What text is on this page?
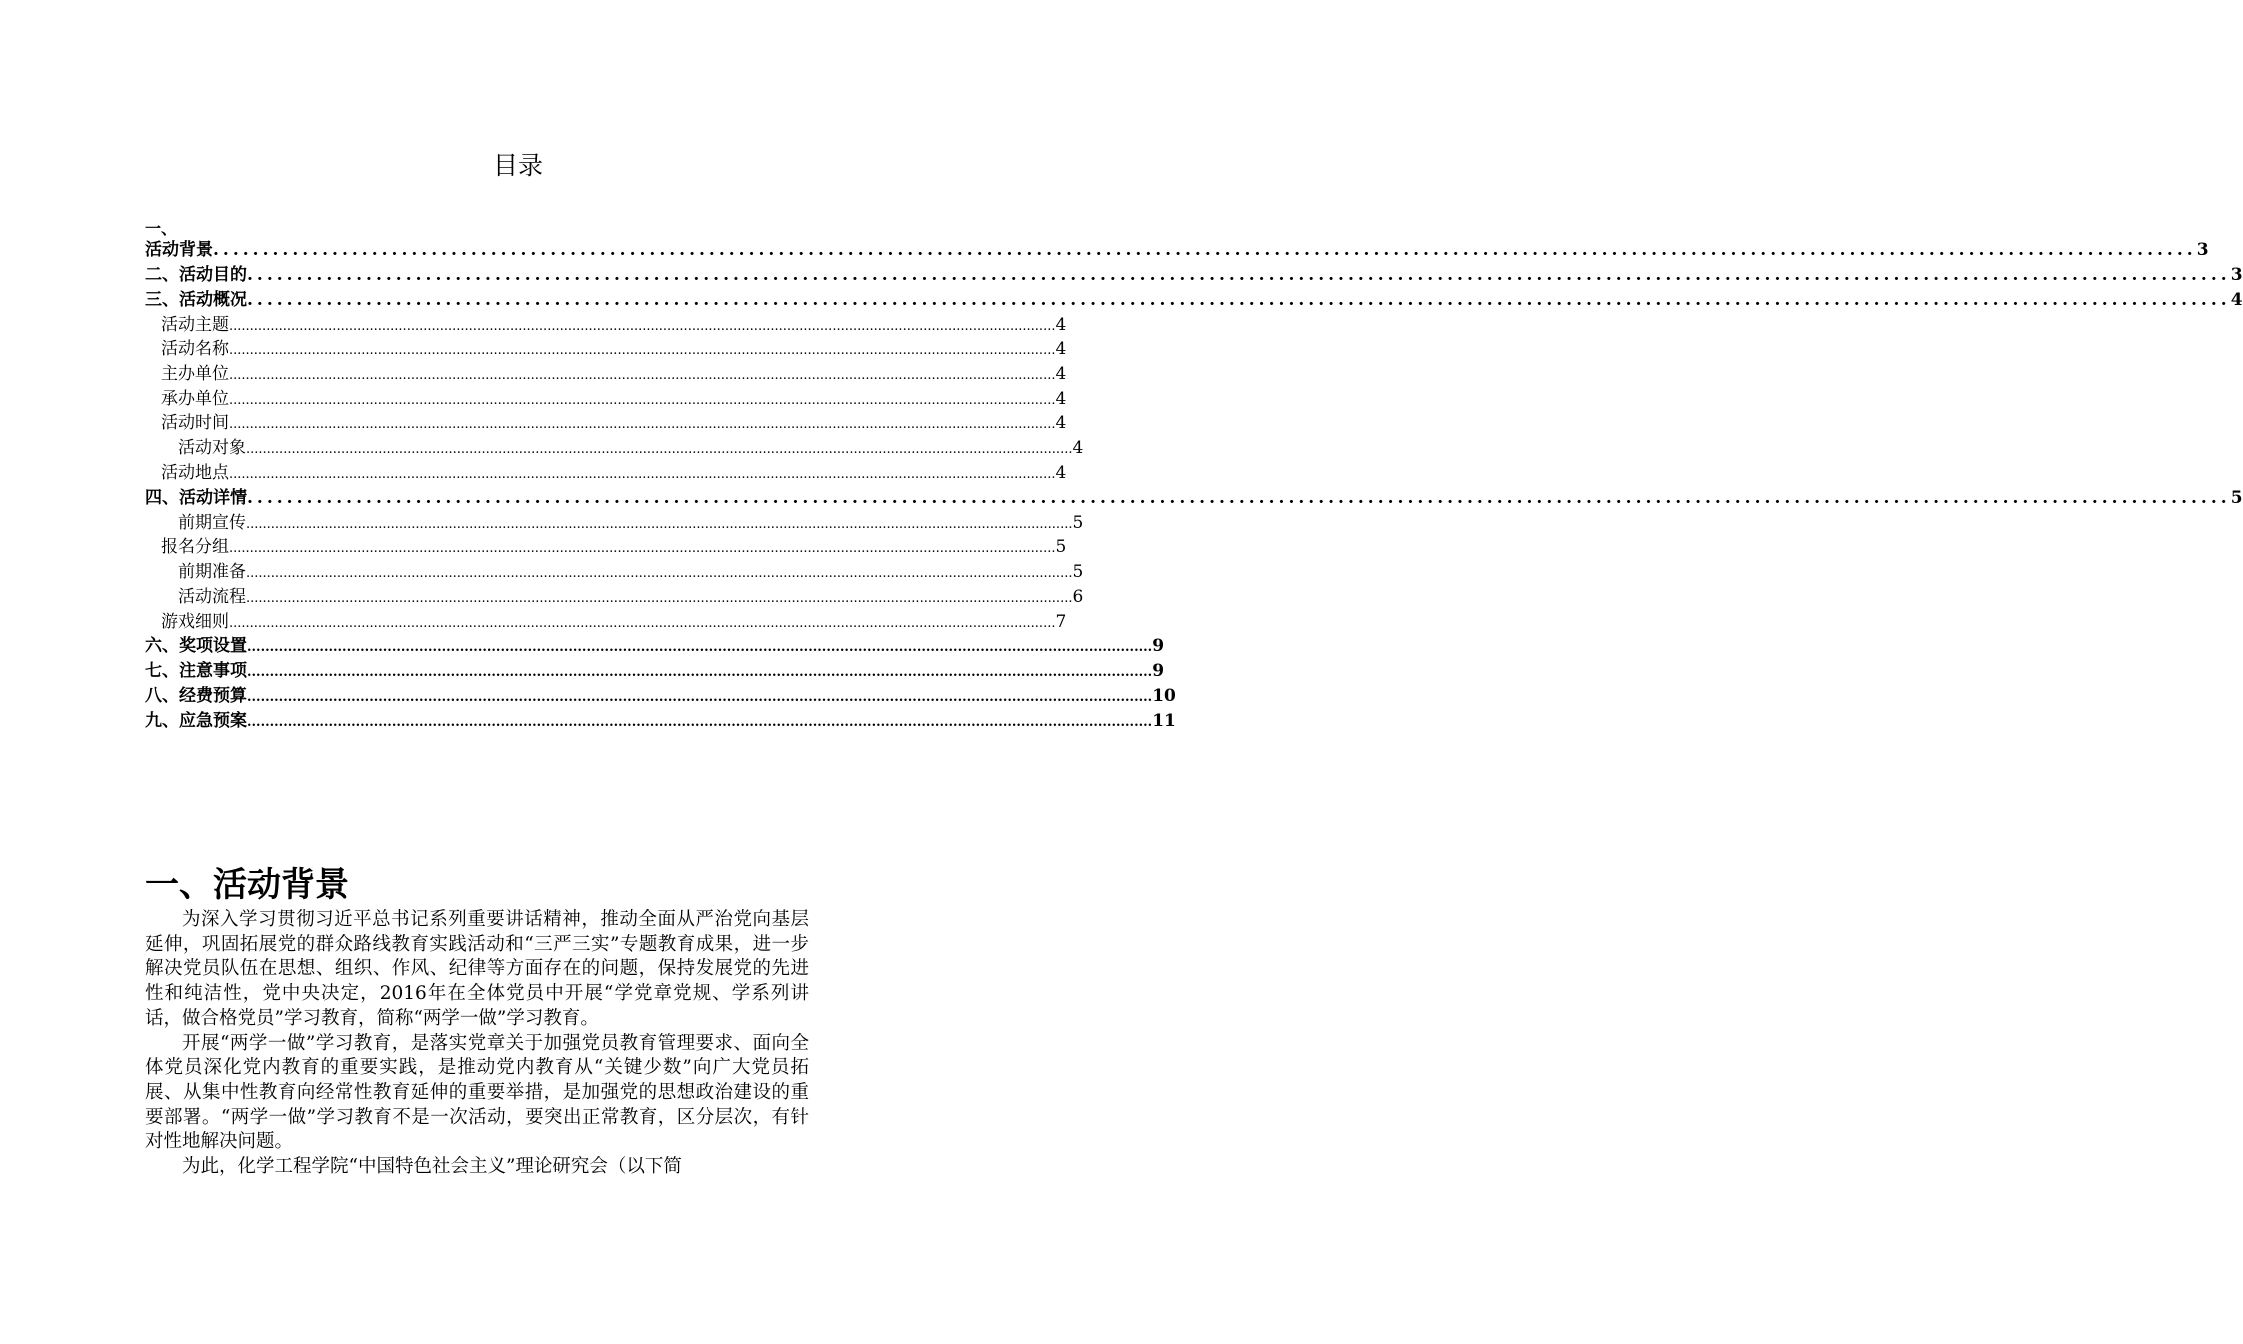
目录
一、
活动背景 ........................................................................................................................................................................................................ 3
二、活动目的 ........................................................................................................................................................................................................ 3
三、活动概况 ........................................................................................................................................................................................................ 4
活动主题 ........................................................................................................................................................................................................ 4
活动名称 ........................................................................................................................................................................................................ 4
主办单位 ........................................................................................................................................................................................................ 4
承办单位 ........................................................................................................................................................................................................ 4
活动时间 ........................................................................................................................................................................................................ 4
活动对象 ........................................................................................................................................................................................................ 4
活动地点 ........................................................................................................................................................................................................ 4
四、活动详情 ........................................................................................................................................................................................................ 5
前期宣传 ........................................................................................................................................................................................................ 5
报名分组 ........................................................................................................................................................................................................ 5
前期准备 ........................................................................................................................................................................................................ 5
活动流程 ........................................................................................................................................................................................................ 6
游戏细则 ........................................................................................................................................................................................................ 7
六、奖项设置 ........................................................................................................................................................................................................ 9
七、注意事项 ........................................................................................................................................................................................................ 9
八、经费预算 ........................................................................................................................................................................................................ 10
九、应急预案 ........................................................................................................................................................................................................ 11
一、活动背景

为深入学习贯彻习近平总书记系列重要讲话精神，推动全面从严治党向基层延伸，巩固拓展党的群众路线教育实践活动和“三严三实”专题教育成果，进一步解决党员队伍在思想、组织、作风、纪律等方面存在的问题，保持发展党的先进性和纯洁性，党中央决定，2016年在全体党员中开展“学党章党规、学系列讲话，做合格党员”学习教育，简称“两学一做”学习教育。

开展“两学一做”学习教育，是落实党章关于加强党员教育管理要求、面向全体党员深化党内教育的重要实践，是推动党内教育从“关键少数”向广大党员拓展、从集中性教育向经常性教育延伸的重要举措，是加强党的思想政治建设的重要部署。“两学一做”学习教育不是一次活动，要突出正常教育，区分层次，有针对性地解决问题。

为此，化学工程学院“中国特色社会主义”理论研究会（以下简
